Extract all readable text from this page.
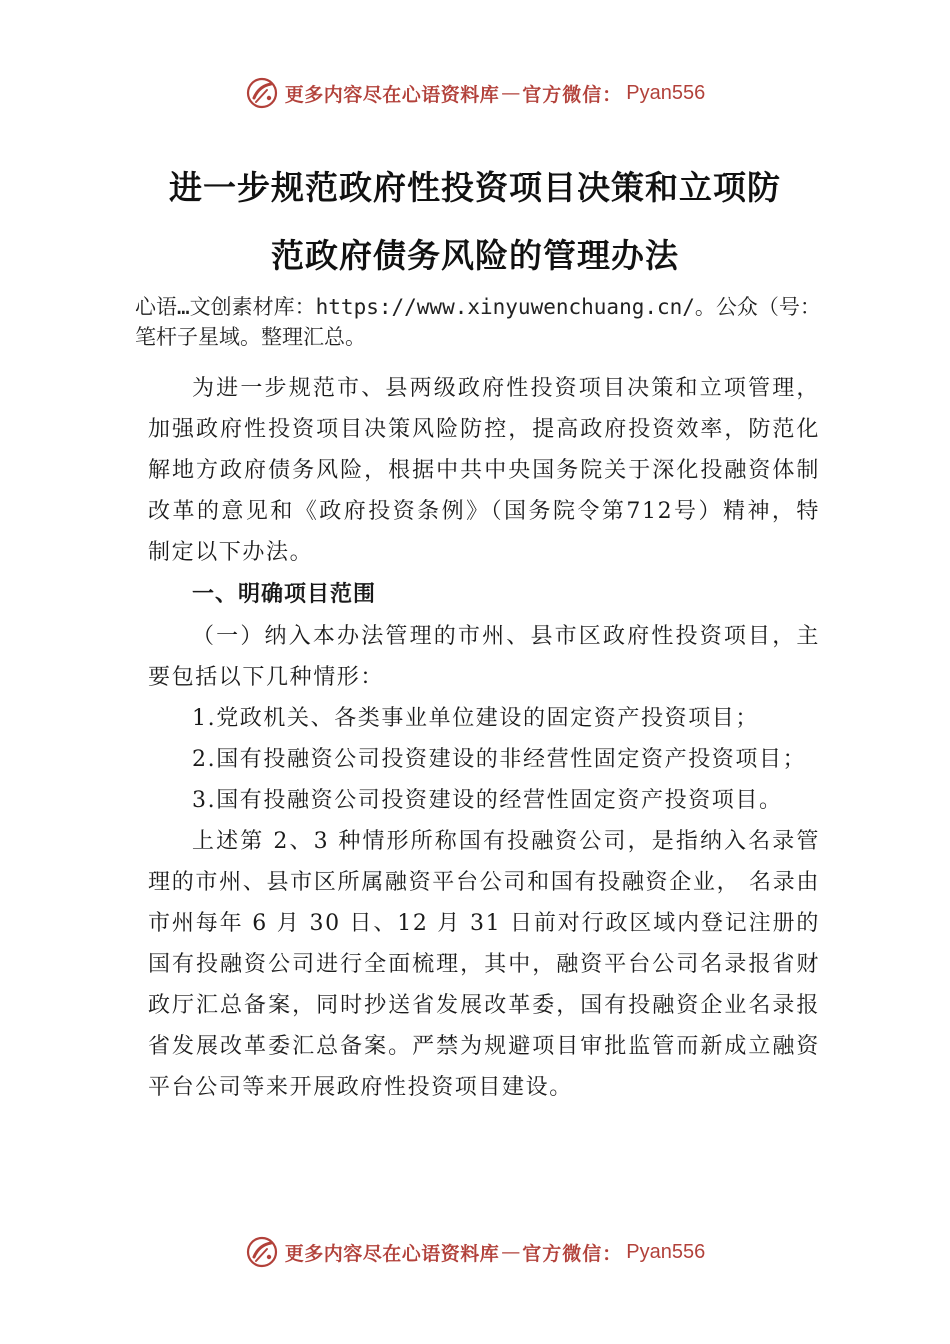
更多内容尽在心语资料库 — 官方微信： Pyan556
进一步规范政府性投资项目决策和立项防
范政府债务风险的管理办法
心语…文创素材库：https://www.xinyuwenchuang.cn/。公众（号：笔杆子星域。整理汇总。

为进一步规范市、县两级政府性投资项目决策和立项管理，加强政府性投资项目决策风险防控，提高政府投资效率，防范化解地方政府债务风险，根据中共中央国务院关于深化投融资体制改革的意见和《政府投资条例》（国务院令第712号）精神，特制定以下办法。

一、明确项目范围

（一）纳入本办法管理的市州、县市区政府性投资项目，主要包括以下几种情形：

1.党政机关、各类事业单位建设的固定资产投资项目；

2.国有投融资公司投资建设的非经营性固定资产投资项目；

3.国有投融资公司投资建设的经营性固定资产投资项目。

上述第 2、3 种情形所称国有投融资公司，是指纳入名录管理的市州、县市区所属融资平台公司和国有投融资企业， 名录由市州每年 6 月 30 日、12 月 31 日前对行政区域内登记注册的国有投融资公司进行全面梳理，其中，融资平台公司名录报省财政厅汇总备案，同时抄送省发展改革委，国有投融资企业名录报省发展改革委汇总备案。严禁为规避项目审批监管而新成立融资平台公司等来开展政府性投资项目建设。

更多内容尽在心语资料库 — 官方微信： Pyan556
